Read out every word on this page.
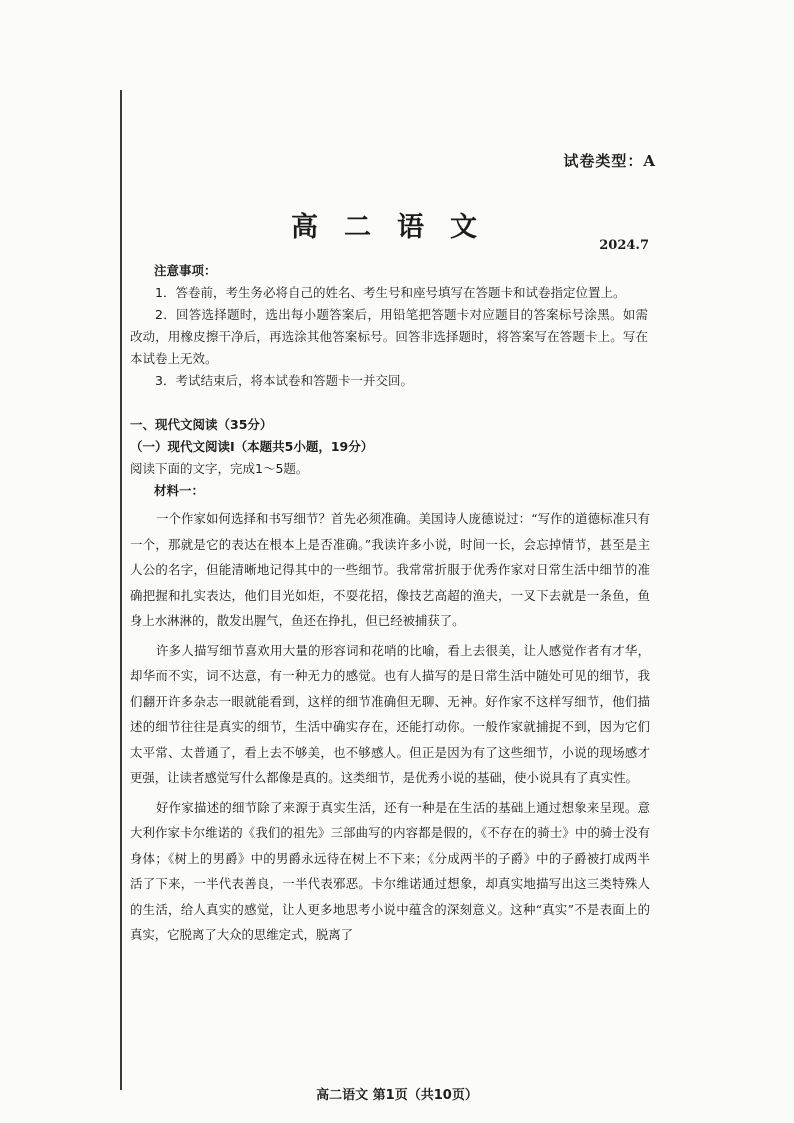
试卷类型：A
高二语文
2024.7
注意事项：

1．答卷前，考生务必将自己的姓名、考生号和座号填写在答题卡和试卷指定位置上。

2．回答选择题时，选出每小题答案后，用铅笔把答题卡对应题目的答案标号涂黑。如需改动，用橡皮擦干净后，再选涂其他答案标号。回答非选择题时，将答案写在答题卡上。写在本试卷上无效。

3．考试结束后，将本试卷和答题卡一并交回。

一、现代文阅读（35分）
（一）现代文阅读Ⅰ（本题共5小题，19分）
阅读下面的文字，完成1～5题。
材料一：

一个作家如何选择和书写细节？首先必须准确。美国诗人庞德说过：“写作的道德标准只有一个，那就是它的表达在根本上是否准确。”我读许多小说，时间一长，会忘掉情节，甚至是主人公的名字，但能清晰地记得其中的一些细节。我常常折服于优秀作家对日常生活中细节的准确把握和扎实表达，他们目光如炬，不耍花招，像技艺高超的渔夫，一叉下去就是一条鱼，鱼身上水淋淋的，散发出腥气，鱼还在挣扎，但已经被捕获了。

许多人描写细节喜欢用大量的形容词和花哨的比喻，看上去很美，让人感觉作者有才华，却华而不实，词不达意，有一种无力的感觉。也有人描写的是日常生活中随处可见的细节，我们翻开许多杂志一眼就能看到，这样的细节准确但无聊、无神。好作家不这样写细节，他们描述的细节往往是真实的细节，生活中确实存在，还能打动你。一般作家就捕捉不到，因为它们太平常、太普通了，看上去不够美，也不够感人。但正是因为有了这些细节，小说的现场感才更强，让读者感觉写什么都像是真的。这类细节，是优秀小说的基础，使小说具有了真实性。

好作家描述的细节除了来源于真实生活，还有一种是在生活的基础上通过想象来呈现。意大利作家卡尔维诺的《我们的祖先》三部曲写的内容都是假的，《不存在的骑士》中的骑士没有身体；《树上的男爵》中的男爵永远待在树上不下来；《分成两半的子爵》中的子爵被打成两半活了下来，一半代表善良，一半代表邪恶。卡尔维诺通过想象，却真实地描写出这三类特殊人的生活，给人真实的感觉，让人更多地思考小说中蕴含的深刻意义。这种“真实”不是表面上的真实，它脱离了大众的思维定式，脱离了

高二语文 第1页（共10页）
